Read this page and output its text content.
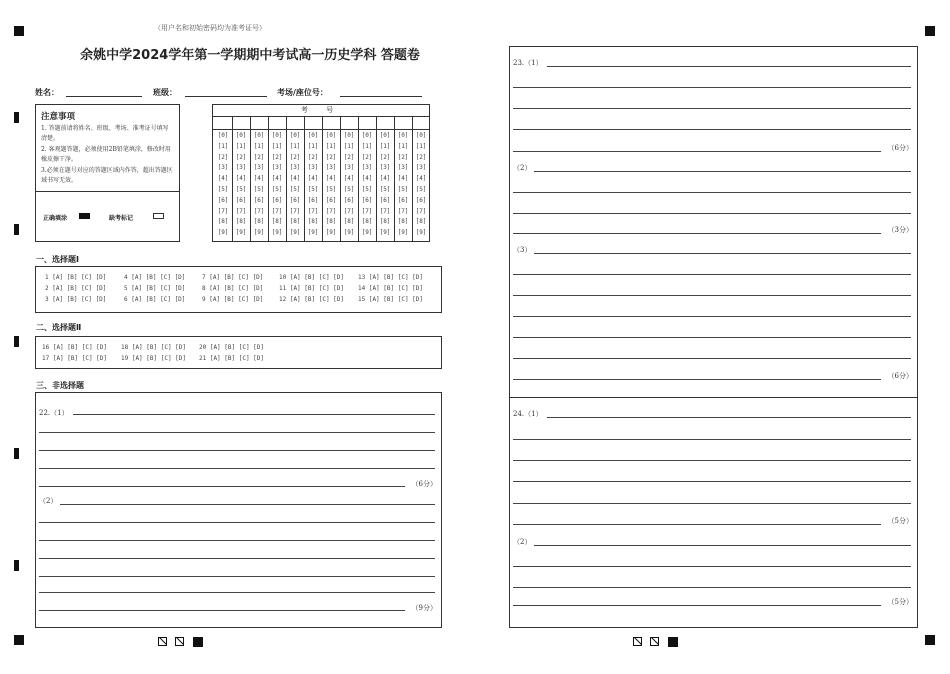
（用户名和初始密码均为准考证号）
余姚中学2024学年第一学期期中考试高一历史学科 答题卷
姓名：	班级：	考场/座位号：
注意事项
1. 答题前请将姓名、班级、考场、准考证号填写清楚。
2. 客观题答题，必须使用2B铅笔填涂，修改时用橡皮擦干净。
3.必须在题号对应的答题区域内作答，超出答题区域书写无效。
正确填涂	缺考标记
考 号
[0]	[0]	[0]	[0]	[0]	[0]	[0]	[0]	[0]	[0]	[0]	[0]
[1]	[1]	[1]	[1]	[1]	[1]	[1]	[1]	[1]	[1]	[1]	[1]
[2]	[2]	[2]	[2]	[2]	[2]	[2]	[2]	[2]	[2]	[2]	[2]
[3]	[3]	[3]	[3]	[3]	[3]	[3]	[3]	[3]	[3]	[3]	[3]
[4]	[4]	[4]	[4]	[4]	[4]	[4]	[4]	[4]	[4]	[4]	[4]
[5]	[5]	[5]	[5]	[5]	[5]	[5]	[5]	[5]	[5]	[5]	[5]
[6]	[6]	[6]	[6]	[6]	[6]	[6]	[6]	[6]	[6]	[6]	[6]
[7]	[7]	[7]	[7]	[7]	[7]	[7]	[7]	[7]	[7]	[7]	[7]
[8]	[8]	[8]	[8]	[8]	[8]	[8]	[8]	[8]	[8]	[8]	[8]
[9]	[9]	[9]	[9]	[9]	[9]	[9]	[9]	[9]	[9]	[9]	[9]
一、选择题Ⅰ
1 [A] [B] [C] [D]	4 [A] [B] [C] [D]	7 [A] [B] [C] [D]	10 [A] [B] [C] [D] 13 [A] [B] [C] [D]
2 [A] [B] [C] [D]	5 [A] [B] [C] [D]	8 [A] [B] [C] [D]	11 [A] [B] [C] [D] 14 [A] [B] [C] [D]
3 [A] [B] [C] [D]	6 [A] [B] [C] [D]	9 [A] [B] [C] [D]	12 [A] [B] [C] [D] 15 [A] [B] [C] [D]
二、选择题Ⅱ
16 [A] [B] [C] [D] 18 [A] [B] [C] [D] 20 [A] [B] [C] [D]
17 [A] [B] [C] [D] 19 [A] [B] [C] [D] 21 [A] [B] [C] [D]
三、非选择题
22.（1）
（6分）
（2）
（9分）
23.（1）
（6分）
（2）
（3分）
（3）
（6分）
24.（1）
（5分）
（2）
（5分）
